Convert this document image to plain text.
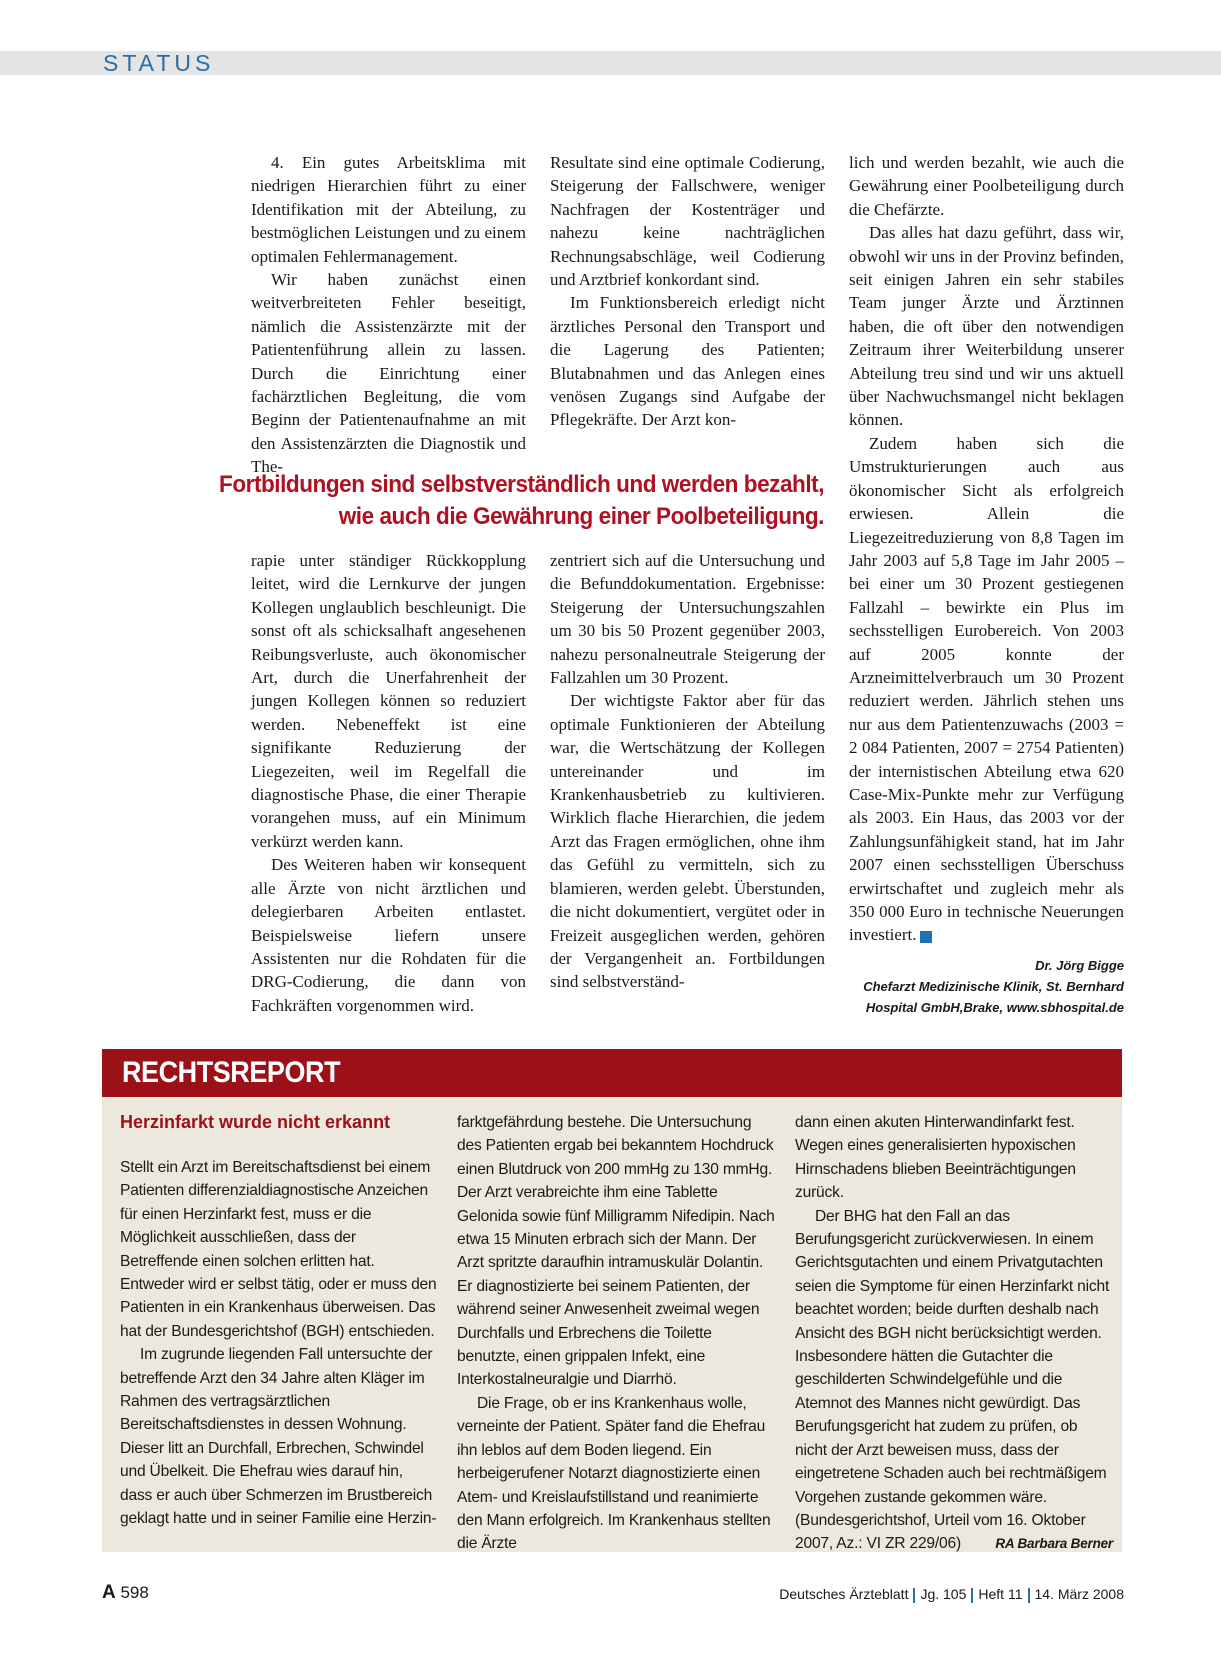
STATUS

4. Ein gutes Arbeitsklima mit niedrigen Hierarchien führt zu einer Identifikation mit der Abteilung, zu bestmöglichen Leistungen und zu einem optimalen Fehlermanagement.

Wir haben zunächst einen weitverbreiteten Fehler beseitigt, nämlich die Assistenzärzte mit der Patientenführung allein zu lassen. Durch die Einrichtung einer fachärztlichen Begleitung, die vom Beginn der Patientenaufnahme an mit den Assistenzärzten die Diagnostik und The-

Resultate sind eine optimale Codierung, Steigerung der Fallschwere, weniger Nachfragen der Kostenträger und nahezu keine nachträglichen Rechnungsabschläge, weil Codierung und Arztbrief konkordant sind.

Im Funktionsbereich erledigt nicht ärztliches Personal den Transport und die Lagerung des Patienten; Blutabnahmen und das Anlegen eines venösen Zugangs sind Aufgabe der Pflegekräfte. Der Arzt kon-

Fortbildungen sind selbstverständlich und werden bezahlt,
wie auch die Gewährung einer Poolbeteiligung.

rapie unter ständiger Rückkopplung leitet, wird die Lernkurve der jungen Kollegen unglaublich beschleunigt. Die sonst oft als schicksalhaft angesehenen Reibungsverluste, auch ökonomischer Art, durch die Unerfahrenheit der jungen Kollegen können so reduziert werden. Nebeneffekt ist eine signifikante Reduzierung der Liegezeiten, weil im Regelfall die diagnostische Phase, die einer Therapie vorangehen muss, auf ein Minimum verkürzt werden kann.

Des Weiteren haben wir konsequent alle Ärzte von nicht ärztlichen und delegierbaren Arbeiten entlastet. Beispielsweise liefern unsere Assistenten nur die Rohdaten für die DRG-Codierung, die dann von Fachkräften vorgenommen wird.

zentriert sich auf die Untersuchung und die Befunddokumentation. Ergebnisse: Steigerung der Untersuchungszahlen um 30 bis 50 Prozent gegenüber 2003, nahezu personalneutrale Steigerung der Fallzahlen um 30 Prozent.

Der wichtigste Faktor aber für das optimale Funktionieren der Abteilung war, die Wertschätzung der Kollegen untereinander und im Krankenhausbetrieb zu kultivieren. Wirklich flache Hierarchien, die jedem Arzt das Fragen ermöglichen, ohne ihm das Gefühl zu vermitteln, sich zu blamieren, werden gelebt. Überstunden, die nicht dokumentiert, vergütet oder in Freizeit ausgeglichen werden, gehören der Vergangenheit an. Fortbildungen sind selbstverständ-

lich und werden bezahlt, wie auch die Gewährung einer Poolbeteiligung durch die Chefärzte.

Das alles hat dazu geführt, dass wir, obwohl wir uns in der Provinz befinden, seit einigen Jahren ein sehr stabiles Team junger Ärzte und Ärztinnen haben, die oft über den notwendigen Zeitraum ihrer Weiterbildung unserer Abteilung treu sind und wir uns aktuell über Nachwuchsmangel nicht beklagen können.

Zudem haben sich die Umstrukturierungen auch aus ökonomischer Sicht als erfolgreich erwiesen. Allein die Liegezeitreduzierung von 8,8 Tagen im Jahr 2003 auf 5,8 Tage im Jahr 2005 – bei einer um 30 Prozent gestiegenen Fallzahl – bewirkte ein Plus im sechsstelligen Eurobereich. Von 2003 auf 2005 konnte der Arzneimittelverbrauch um 30 Prozent reduziert werden. Jährlich stehen uns nur aus dem Patientenzuwachs (2003 = 2 084 Patienten, 2007 = 2754 Patienten) der internistischen Abteilung etwa 620 Case-Mix-Punkte mehr zur Verfügung als 2003. Ein Haus, das 2003 vor der Zahlungsunfähigkeit stand, hat im Jahr 2007 einen sechsstelligen Überschuss erwirtschaftet und zugleich mehr als 350 000 Euro in technische Neuerungen investiert.

Dr. Jörg Bigge
Chefarzt Medizinische Klinik, St. Bernhard
Hospital GmbH,Brake, www.sbhospital.de
RECHTSREPORT
Herzinfarkt wurde nicht erkannt

Stellt ein Arzt im Bereitschaftsdienst bei einem Patienten differenzialdiagnostische Anzeichen für einen Herzinfarkt fest, muss er die Möglichkeit ausschließen, dass der Betreffende einen solchen erlitten hat. Entweder wird er selbst tätig, oder er muss den Patienten in ein Krankenhaus überweisen. Das hat der Bundesgerichtshof (BGH) entschieden.

Im zugrunde liegenden Fall untersuchte der betreffende Arzt den 34 Jahre alten Kläger im Rahmen des vertragsärztlichen Bereitschaftsdienstes in dessen Wohnung. Dieser litt an Durchfall, Erbrechen, Schwindel und Übelkeit. Die Ehefrau wies darauf hin, dass er auch über Schmerzen im Brustbereich geklagt hatte und in seiner Familie eine Herzin-

farktgefährdung bestehe. Die Untersuchung des Patienten ergab bei bekanntem Hochdruck einen Blutdruck von 200 mmHg zu 130 mmHg. Der Arzt verabreichte ihm eine Tablette Gelonida sowie fünf Milligramm Nifedipin. Nach etwa 15 Minuten erbrach sich der Mann. Der Arzt spritzte daraufhin intramuskulär Dolantin. Er diagnostizierte bei seinem Patienten, der während seiner Anwesenheit zweimal wegen Durchfalls und Erbrechens die Toilette benutzte, einen grippalen Infekt, eine Interkostalneuralgie und Diarrhö.

Die Frage, ob er ins Krankenhaus wolle, verneinte der Patient. Später fand die Ehefrau ihn leblos auf dem Boden liegend. Ein herbeigerufener Notarzt diagnostizierte einen Atem- und Kreislaufstillstand und reanimierte den Mann erfolgreich. Im Krankenhaus stellten die Ärzte

dann einen akuten Hinterwandinfarkt fest. Wegen eines generalisierten hypoxischen Hirnschadens blieben Beeinträchtigungen zurück.

Der BHG hat den Fall an das Berufungsgericht zurückverwiesen. In einem Gerichtsgutachten und einem Privatgutachten seien die Symptome für einen Herzinfarkt nicht beachtet worden; beide durften deshalb nach Ansicht des BGH nicht berücksichtigt werden. Insbesondere hätten die Gutachter die geschilderten Schwindelgefühle und die Atemnot des Mannes nicht gewürdigt. Das Berufungsgericht hat zudem zu prüfen, ob nicht der Arzt beweisen muss, dass der eingetretene Schaden auch bei rechtmäßigem Vorgehen zustande gekommen wäre. (Bundesgerichtshof, Urteil vom 16. Oktober 2007, Az.: VI ZR 229/06)	RA Barbara Berner

A 598	Deutsches Ärzteblatt Jg. 105 Heft 11 14. März 2008
